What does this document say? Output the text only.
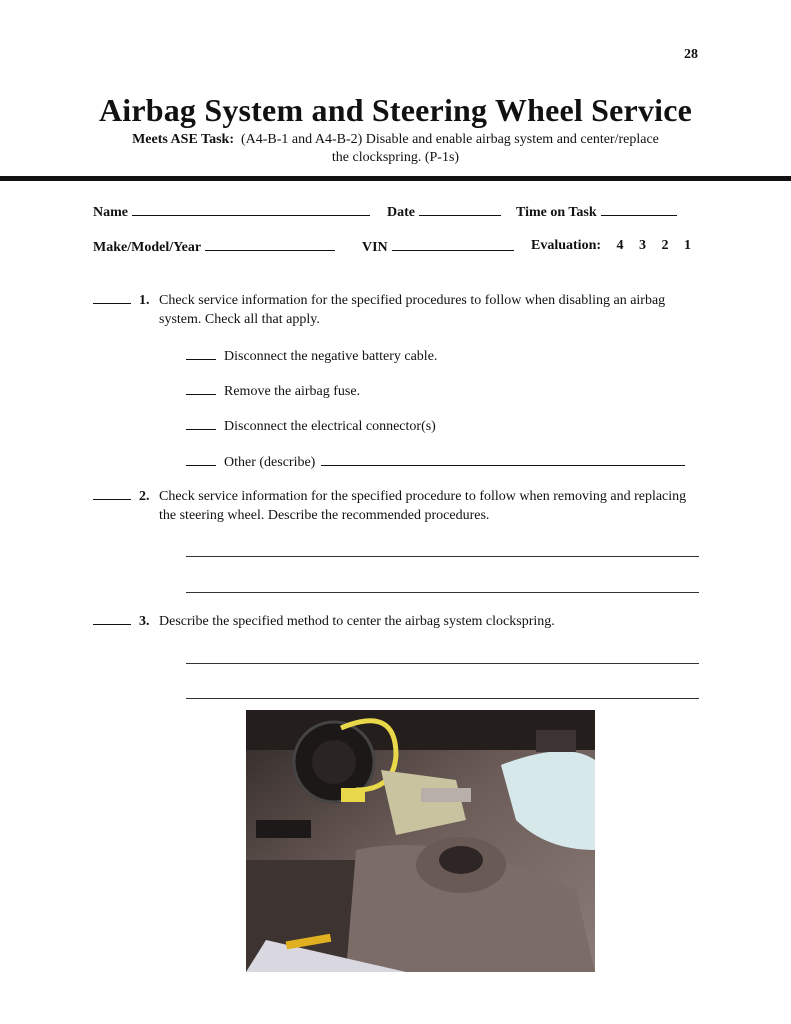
28
Airbag System and Steering Wheel Service
Meets ASE Task: (A4-B-1 and A4-B-2) Disable and enable airbag system and center/replace
the clockspring. (P-1s)
Name	Date	Time on Task
Make/Model/Year	VIN	Evaluation: 4 3 2 1
1. Check service information for the specified procedures to follow when disabling an airbag system. Check all that apply.
Disconnect the negative battery cable.
Remove the airbag fuse.
Disconnect the electrical connector(s)
Other (describe)
2. Check service information for the specified procedure to follow when removing and replacing the steering wheel. Describe the recommended procedures.
3. Describe the specified method to center the airbag system clockspring.
